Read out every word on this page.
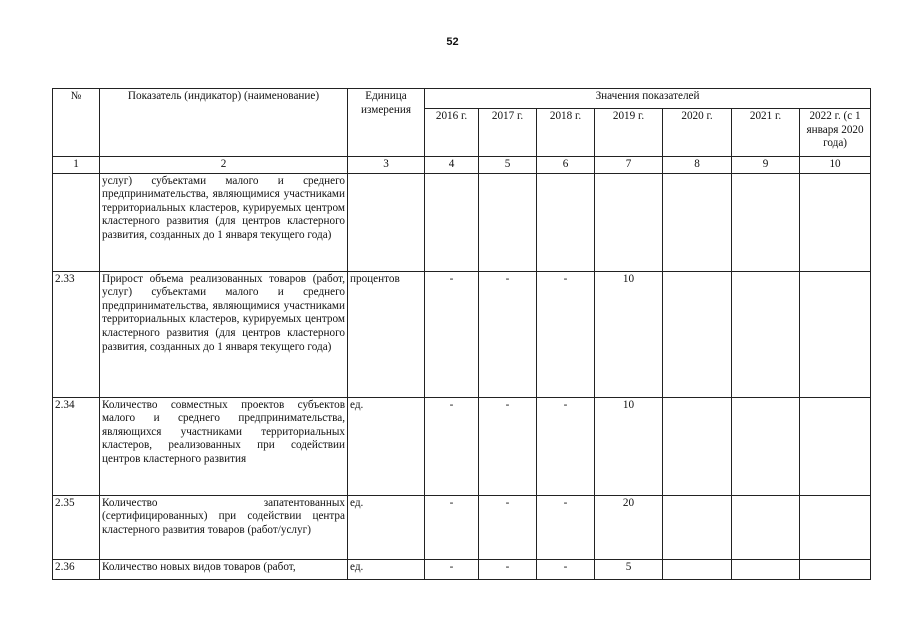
52
№	Показатель (индикатор) (наименование)	Единица измерения	Значения показателей						
			2016 г.	2017 г.	2018 г.	2019 г.	2020 г.	2021 г.	2022 г. (с 1 января 2020 года)
1	2	3	4	5	6	7	8	9	10
	услуг) субъектами малого и среднего предпринимательства, являющимися участниками территориальных кластеров, курируемых центром кластерного развития (для центров кластерного развития, созданных до 1 января текущего года)								
2.33	Прирост объема реализованных товаров (работ, услуг) субъектами малого и среднего предпринимательства, являющимися участниками территориальных кластеров, курируемых центром кластерного развития (для центров кластерного развития, созданных до 1 января текущего года)	процентов	-	-	-	10			
2.34	Количество совместных проектов субъектов малого и среднего предпринимательства, являющихся участниками территориальных кластеров, реализованных при содействии центров кластерного развития	ед.	-	-	-	10			
2.35	Количество запатентованных (сертифицированных) при содействии центра кластерного развития товаров (работ/услуг)	ед.	-	-	-	20			
2.36	Количество новых видов товаров (работ,	ед.	-	-	-	5			
